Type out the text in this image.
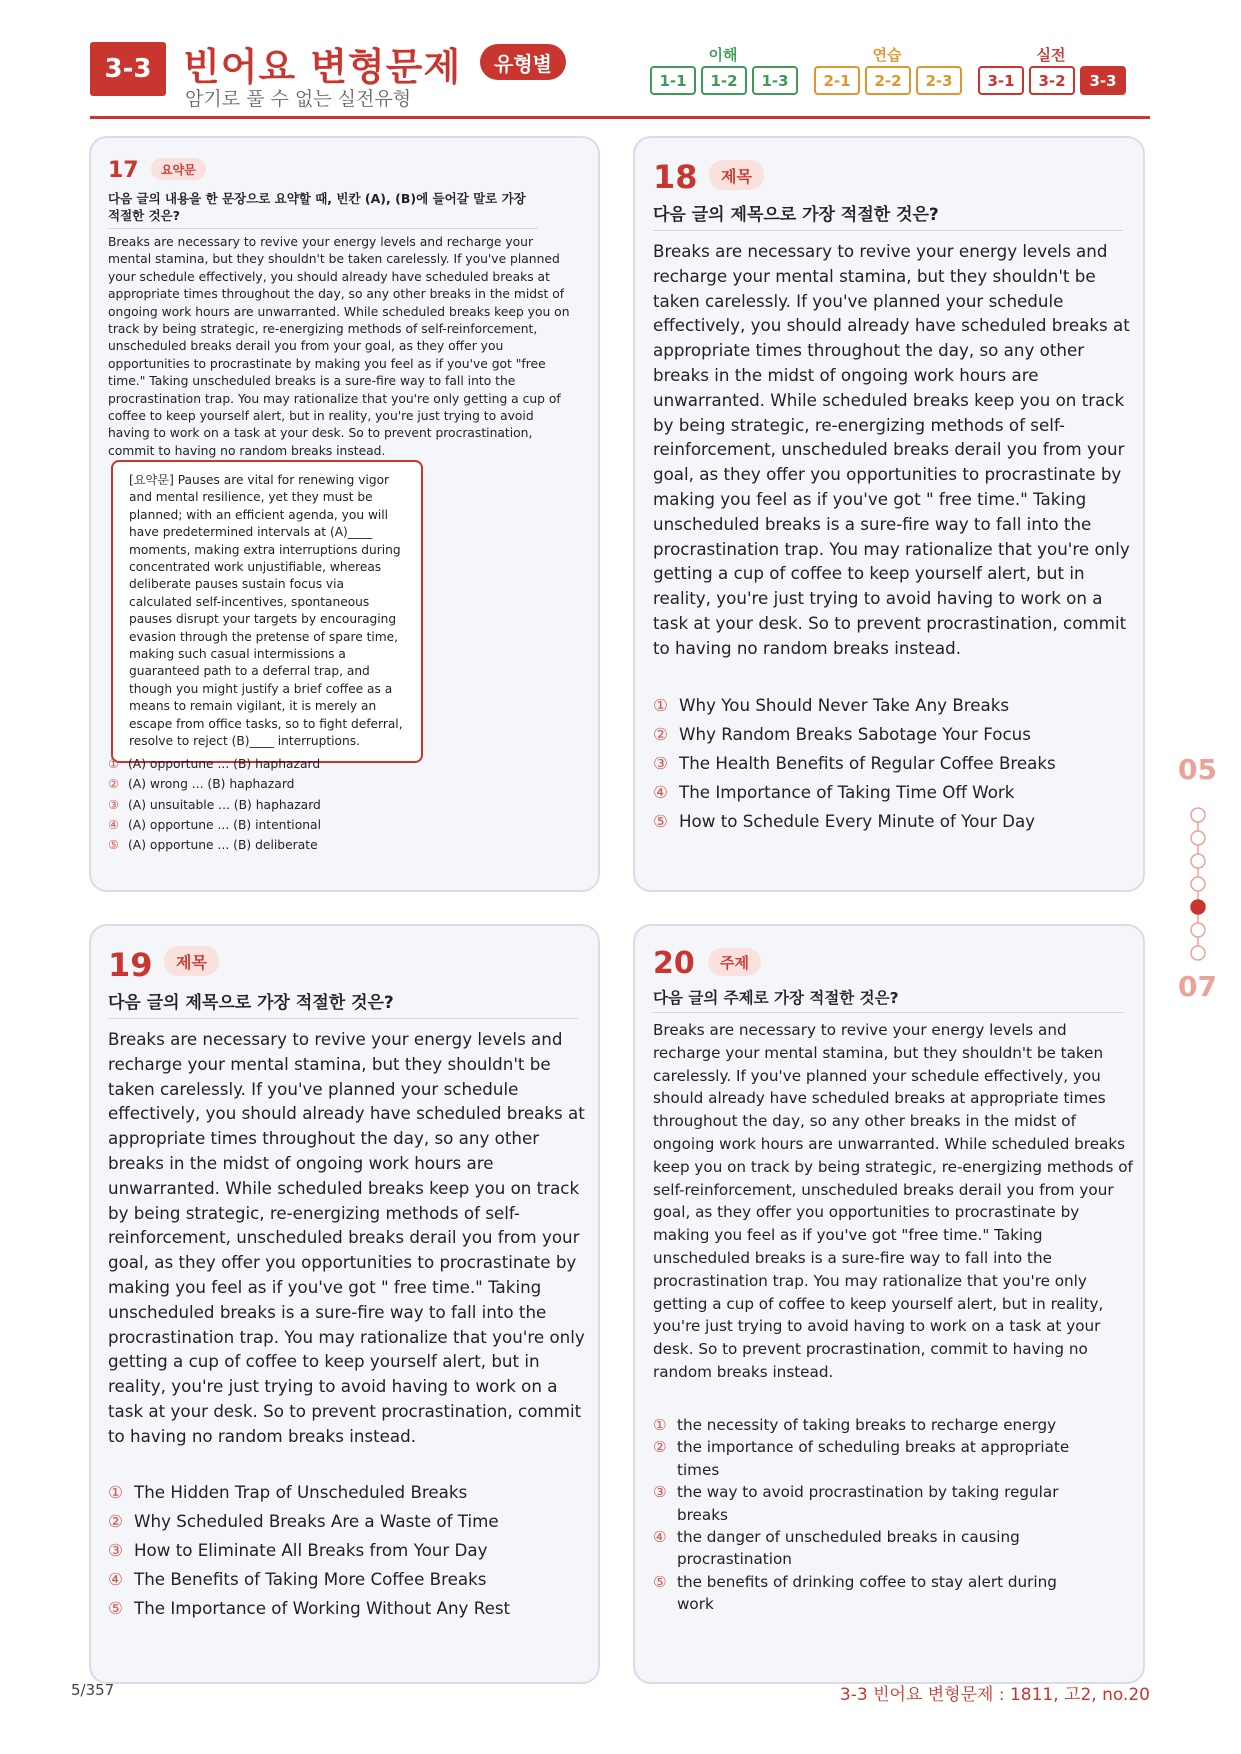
3-3 빈어요 변형문제	유형별
암기로 풀 수 없는 실전유형
이해
1-1	1-2	1-3
연습
2-1	2-2	2-3
실전
3-1	3-2	3-3
17	요약문
다음 글의 내용을 한 문장으로 요약할 때, 빈칸 (A), (B)에 들어갈 말로 가장 적절한 것은?
Breaks are necessary to revive your energy levels and recharge your mental stamina, but they shouldn't be taken carelessly. If you've planned your schedule effectively, you should already have scheduled breaks at appropriate times throughout the day, so any other breaks in the midst of ongoing work hours are unwarranted. While scheduled breaks keep you on track by being strategic, re-energizing methods of self-reinforcement, unscheduled breaks derail you from your goal, as they offer you opportunities to procrastinate by making you feel as if you've got "free time." Taking unscheduled breaks is a sure-fire way to fall into the procrastination trap. You may rationalize that you're only getting a cup of coffee to keep yourself alert, but in reality, you're just trying to avoid having to work on a task at your desk. So to prevent procrastination, commit to having no random breaks instead.
[요약문] Pauses are vital for renewing vigor and mental resilience, yet they must be planned; with an efficient agenda, you will have predetermined intervals at (A)____ moments, making extra interruptions during concentrated work unjustifiable, whereas deliberate pauses sustain focus via calculated self-incentives, spontaneous pauses disrupt your targets by encouraging evasion through the pretense of spare time, making such casual intermissions a guaranteed path to a deferral trap, and though you might justify a brief coffee as a means to remain vigilant, it is merely an escape from office tasks, so to fight deferral, resolve to reject (B)____ interruptions.
① (A) opportune ... (B) haphazard
② (A) wrong ... (B) haphazard
③ (A) unsuitable ... (B) haphazard
④ (A) opportune ... (B) intentional
⑤ (A) opportune ... (B) deliberate
18	제목
다음 글의 제목으로 가장 적절한 것은?
Breaks are necessary to revive your energy levels and recharge your mental stamina, but they shouldn't be taken carelessly. If you've planned your schedule effectively, you should already have scheduled breaks at appropriate times throughout the day, so any other breaks in the midst of ongoing work hours are unwarranted. While scheduled breaks keep you on track by being strategic, re-energizing methods of self-reinforcement, unscheduled breaks derail you from your goal, as they offer you opportunities to procrastinate by making you feel as if you've got " free time." Taking unscheduled breaks is a sure-fire way to fall into the procrastination trap. You may rationalize that you're only getting a cup of coffee to keep yourself alert, but in reality, you're just trying to avoid having to work on a task at your desk. So to prevent procrastination, commit to having no random breaks instead.
① Why You Should Never Take Any Breaks
② Why Random Breaks Sabotage Your Focus
③ The Health Benefits of Regular Coffee Breaks
④ The Importance of Taking Time Off Work
⑤ How to Schedule Every Minute of Your Day
19	제목
다음 글의 제목으로 가장 적절한 것은?
Breaks are necessary to revive your energy levels and recharge your mental stamina, but they shouldn't be taken carelessly. If you've planned your schedule effectively, you should already have scheduled breaks at appropriate times throughout the day, so any other breaks in the midst of ongoing work hours are unwarranted. While scheduled breaks keep you on track by being strategic, re-energizing methods of self-reinforcement, unscheduled breaks derail you from your goal, as they offer you opportunities to procrastinate by making you feel as if you've got " free time." Taking unscheduled breaks is a sure-fire way to fall into the procrastination trap. You may rationalize that you're only getting a cup of coffee to keep yourself alert, but in reality, you're just trying to avoid having to work on a task at your desk. So to prevent procrastination, commit to having no random breaks instead.
① The Hidden Trap of Unscheduled Breaks
② Why Scheduled Breaks Are a Waste of Time
③ How to Eliminate All Breaks from Your Day
④ The Benefits of Taking More Coffee Breaks
⑤ The Importance of Working Without Any Rest
20	주제
다음 글의 주제로 가장 적절한 것은?
Breaks are necessary to revive your energy levels and recharge your mental stamina, but they shouldn't be taken carelessly. If you've planned your schedule effectively, you should already have scheduled breaks at appropriate times throughout the day, so any other breaks in the midst of ongoing work hours are unwarranted. While scheduled breaks keep you on track by being strategic, re-energizing methods of self-reinforcement, unscheduled breaks derail you from your goal, as they offer you opportunities to procrastinate by making you feel as if you've got "free time." Taking unscheduled breaks is a sure-fire way to fall into the procrastination trap. You may rationalize that you're only getting a cup of coffee to keep yourself alert, but in reality, you're just trying to avoid having to work on a task at your desk. So to prevent procrastination, commit to having no random breaks instead.
① the necessity of taking breaks to recharge energy
② the importance of scheduling breaks at appropriate times
③ the way to avoid procrastination by taking regular breaks
④ the danger of unscheduled breaks in causing procrastination
⑤ the benefits of drinking coffee to stay alert during work
05
07
5/357	3-3 빈어요 변형문제 : 1811, 고2, no.20
